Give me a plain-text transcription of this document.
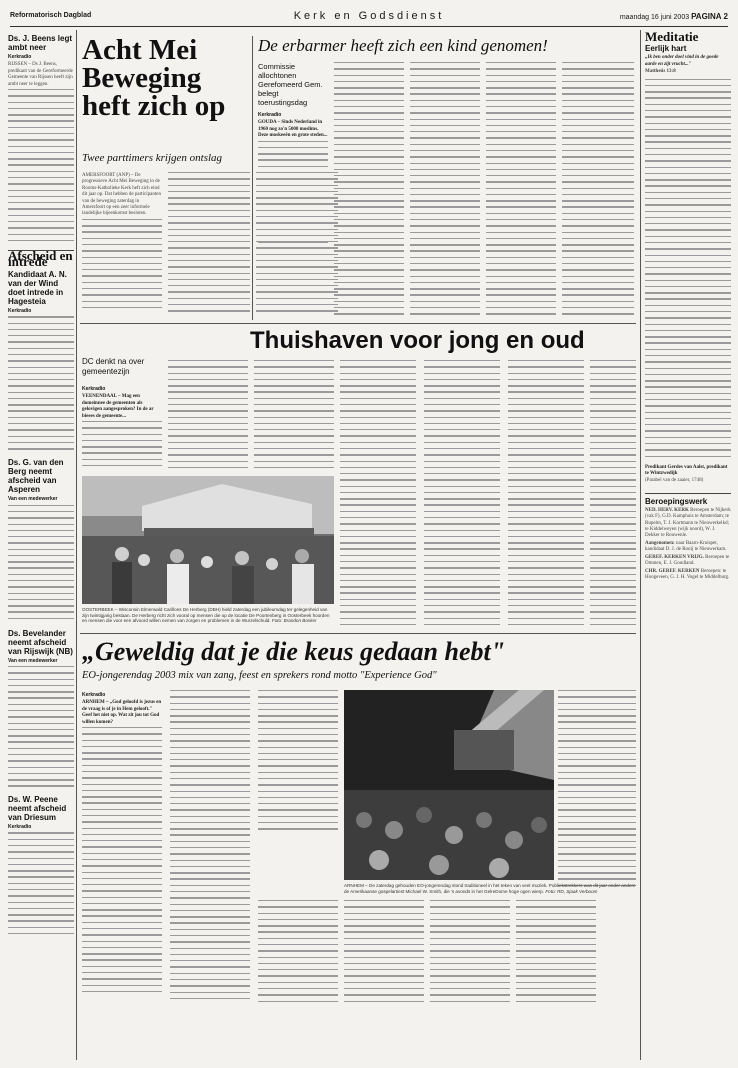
Reformatorisch Dagblad	Kerk en Godsdienst	maandag 16 juni 2003 PAGINA 2
Ds. J. Beens legt ambt neer
Kerkradio
RIJSSEN – Ds J. Beens, predikant van de Gereformeerde Gemeente van Rijssen heeft zijn ambt neer te leggen.
Afscheid en intrede
Kandidaat A. N. van der Wind doet intrede in Hagesteia
Kerkradio
Ds. G. van den Berg neemt afscheid van Asperen
Van een medewerker
Ds. Bevelander neemt afscheid van Rijswijk (NB)
Van een medewerker
Ds. W. Peene neemt afscheid van Driesum
Kerkradio
Acht Mei Beweging heft zich op
Twee parttimers krijgen ontslag
AMERSFOORT (ANP) – De progressieve Acht Mei Beweging in de Rooms-Katholieke Kerk heft zich eind dit jaar op. Dat hebben de participanten van de beweging zaterdag in Amersfoort op een zeer informele landelijke bijeenkomst besloten.
De erbarmer heeft zich een kind genomen!
Commissie allochtonen Gerefomeerd Gem. belegt toerustingsdag
Kerkradio
GOUDA – Sinds Nederland in 1960 nog zo'n 5000 moslims. Deze moskeeën en grote steden...
Meditatie
Eerlijk hart
„Ik ben onder doel vind in de goede aarde en zijt vrucht..."
Mattheüs 13:8
Predikant Gerdes van Aalst, predikant te Wintzwedijk
(Parabel van de zaaier, 1748)
Beroepingswerk
NED. HERV. KERK Beroepen te Nijkerk (vak F), G.D. Kamphuis te Amsterdam; te Rupelm, T. J. Kortmann te Nieuwerkelkd; te Kiddelweyen (wijk noord), W. J. Dekker te Rouwenle.
Aangenomen: naar Baarn-Kruispet, kandidaat D. J. de Rooij te Nieuwerkam.
GEREF. KERKEN VRIJG. Beroepen te Ommen, E. J. Goudland.
CHR. GEREF. KERKEN Beroepen: te Hoogeveen, G. J. H. Vogel te Middelburg.
Thuishaven voor jong en oud
DC denkt na over gemeentezijn
Kerkradio
VEENENDAAL – Mag een domeinnee de gemeenten als gelovigen aangesproken? In de ar bieees de gemeente...
OOSTERBEEK – Wisconsin Elmerwald Carillons De Herberg (DBH) hield zaterdag een jubileumdag ter gelegenheid van zijn twintigjarig bestaan. De Herberg richt zich vooral op mensen die op de locatie De Poortenberg in Oosterbeek hoorden en mensen die voor een afvoord willen nemen van zorgen en problemen in de Wurzelschuld. Foto: Brandon Bosker
„Geweldig dat je die keus gedaan hebt"
EO-jongerendag 2003 mix van zang, feest en sprekers rond motto "Experience God"
Kerkradio
ARNHEM – „God geloofd is jezus en de vraag is of je in Hem gelooft." Geef het niet op. Wat zit jou tot God willen komen?
ARNHEM – De zaterdag gehouden EO-jongerendag stond traditioneel in het teken van veel muziek. Publiekstrekkers was dit jaar onder andere de Amerikaanse gospelartiest Michael W. Smith, die 's avonds in het GelreDome hoge ogen wierp. Foto: RD, Sjaak Verboom
